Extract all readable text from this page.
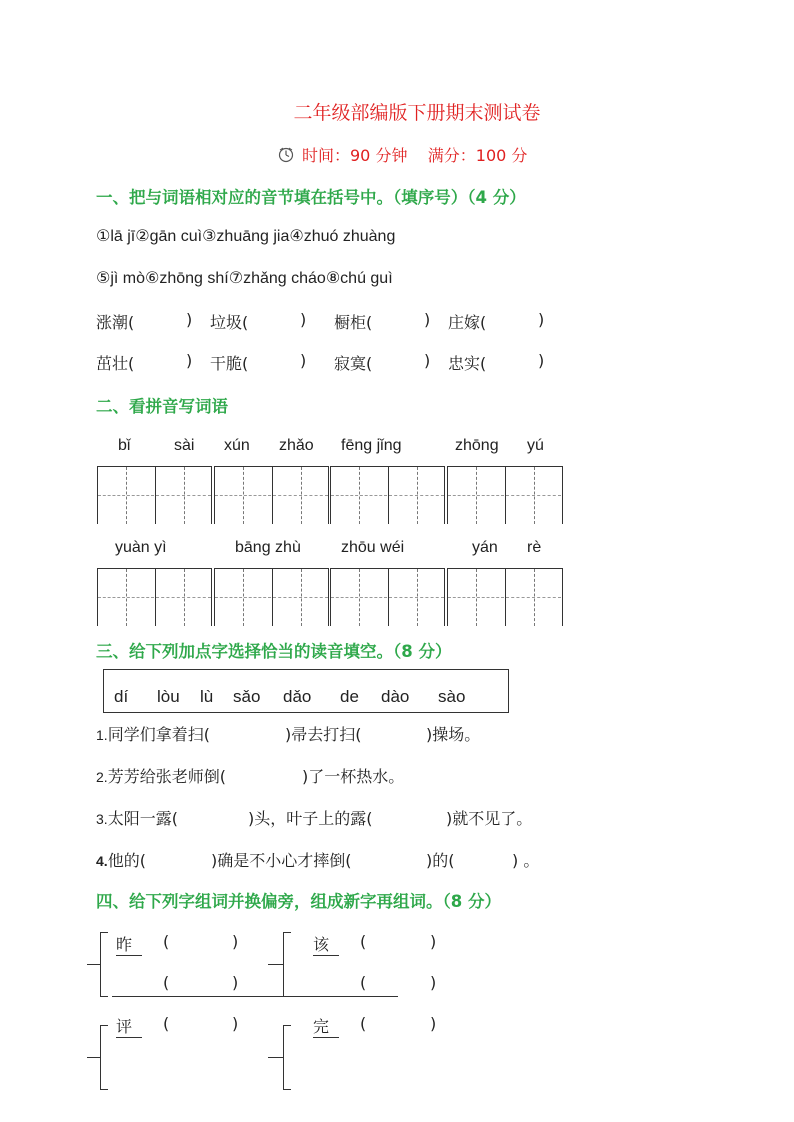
二年级部编版下册期末测试卷
时间：90 分钟 满分：100 分
一、把与词语相对应的音节填在括号中。（填序号）（4 分）
①lā jī②gān cuì③zhuāng jia④zhuó zhuàng
⑤jì mò⑥zhōng shí⑦zhǎng cháo⑧chú guì
涨潮(	) 垃圾(	) 橱柜(	) 庄嫁(	)
茁壮(	) 干脆(	) 寂寞(	) 忠实(	)
二、看拼音写词语
bǐ	sài xún zhǎo fēng jǐng	zhōng yú
yuàn yì	bāng zhù	zhōu wéi	yán rè
三、给下列加点字选择恰当的读音填空。（8 分）
dí lòu lù sǎo dǎo de dào sào
1.同学们拿着扫(	)帚去打扫(	)操场。
2.芳芳给张老师倒(	)了一杯热水。
3.太阳一露(	)头，叶子上的露(	)就不见了。
4.他的(	)确是不小心才摔倒(	)的(	) 。
四、给下列字组词并换偏旁，组成新字再组词。（8 分）
昨	(	)
(	)
该	(	)
(	)
评	(	)	完	(	)
